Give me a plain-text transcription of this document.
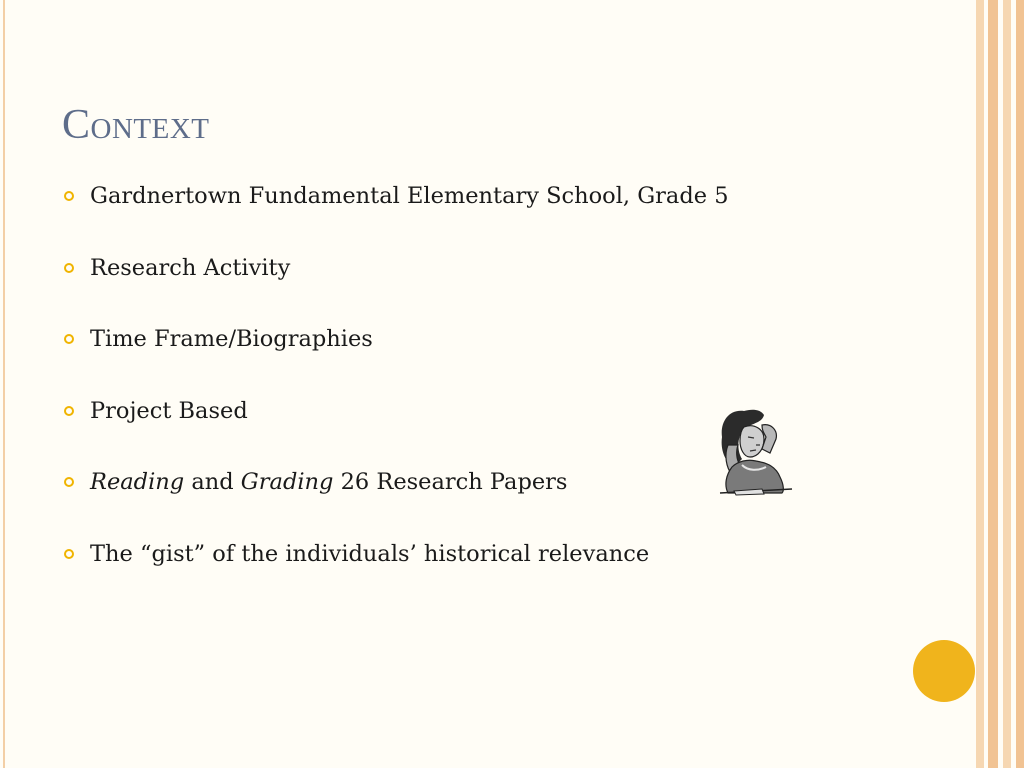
Context
Gardnertown Fundamental Elementary School, Grade 5
Research Activity
Time Frame/Biographies
Project Based
Reading and Grading 26 Research Papers
The “gist” of the individuals’ historical relevance
